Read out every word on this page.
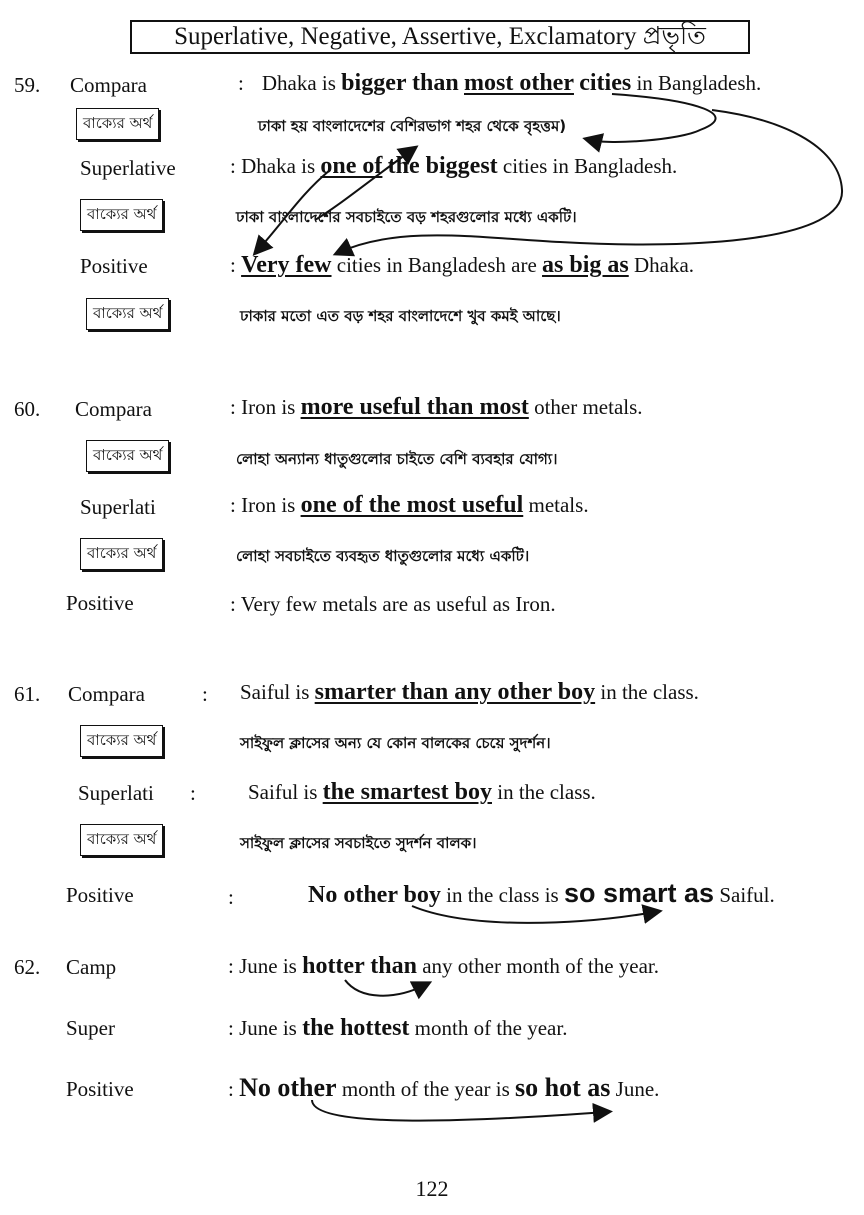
Superlative, Negative, Assertive, Exclamatory প্রভৃতি
59. Compara	: Dhaka is bigger than most other cities in Bangladesh.
বাক্যের অর্থ	ঢাকা হয় বাংলাদেশের বেশিরভাগ শহর থেকে বৃহত্তম)
Superlative	: Dhaka is one of the biggest cities in Bangladesh.
বাক্যের অর্থ	ঢাকা বাংলাদেশের সবচাইতে বড় শহরগুলোর মধ্যে একটি।
Positive	: Very few cities in Bangladesh are as big as Dhaka.
বাক্যের অর্থ	ঢাকার মতো এত বড় শহর বাংলাদেশে খুব কমই আছে।
60. Compara	: Iron is more useful than most other metals.
বাক্যের অর্থ	লোহা অন্যান্য ধাতুগুলোর চাইতে বেশি ব্যবহার যোগ্য।
Superlati	: Iron is one of the most useful metals.
বাক্যের অর্থ	লোহা সবচাইতে ব্যবহৃত ধাতুগুলোর মধ্যে একটি।
Positive	: Very few metals are as useful as Iron.
61. Compara	: Saiful is smarter than any other boy in the class.
বাক্যের অর্থ	সাইফুল ক্লাসের অন্য যে কোন বালকের চেয়ে সুদর্শন।
Superlati : Saiful is the smartest boy in the class.
বাক্যের অর্থ	সাইফুল ক্লাসের সবচাইতে সুদর্শন বালক।
Positive	:	No other boy in the class is so smart as Saiful.
62. Camp	: June is hotter than any other month of the year.
Super	: June is the hottest month of the year.
Positive	: No other month of the year is so hot as June.
122
